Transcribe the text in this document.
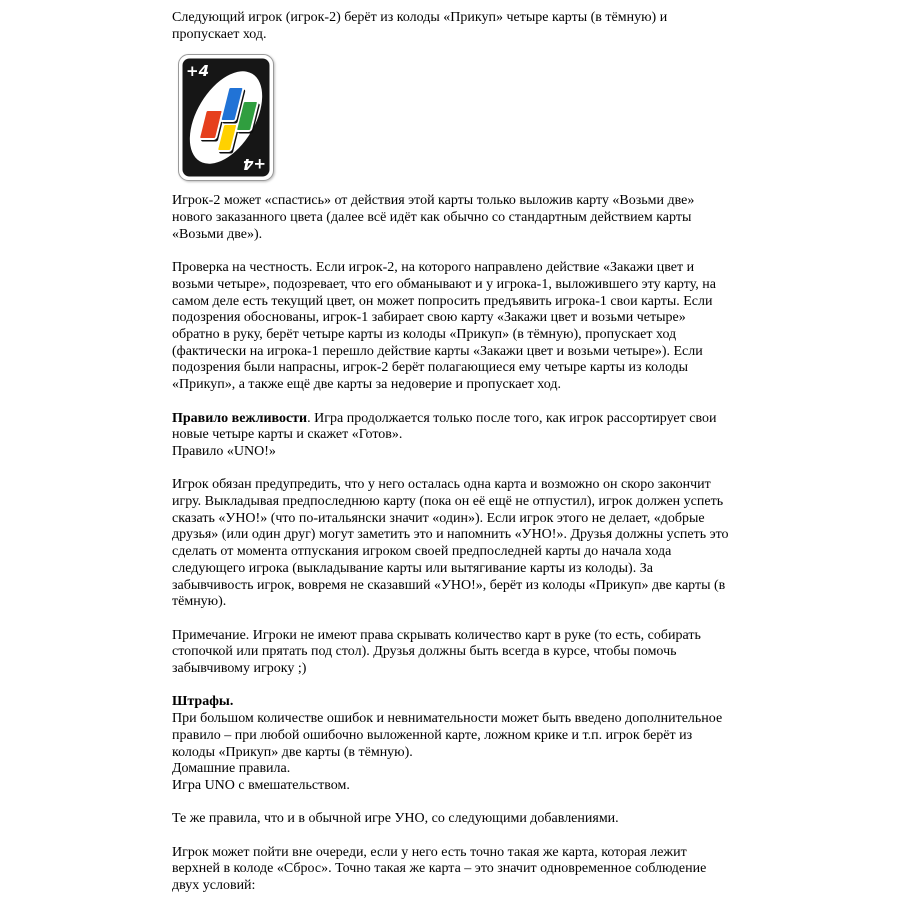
Следующий игрок (игрок-2) берёт из колоды «Прикуп» четыре карты (в тёмную) и пропускает ход.

+4
+4

Игрок-2 может «спастись» от действия этой карты только выложив карту «Возьми две» нового заказанного цвета (далее всё идёт как обычно со стандартным действием карты «Возьми две»).

Проверка на честность. Если игрок-2, на которого направлено действие «Закажи цвет и возьми четыре», подозревает, что его обманывают и у игрока-1, выложившего эту карту, на самом деле есть текущий цвет, он может попросить предъявить игрока-1 свои карты. Если подозрения обоснованы, игрок-1 забирает свою карту «Закажи цвет и возьми четыре» обратно в руку, берёт четыре карты из колоды «Прикуп» (в тёмную), пропускает ход (фактически на игрока-1 перешло действие карты «Закажи цвет и возьми четыре»). Если подозрения были напрасны, игрок-2 берёт полагающиеся ему четыре карты из колоды «Прикуп», а также ещё две карты за недоверие и пропускает ход.

Правило вежливости. Игра продолжается только после того, как игрок рассортирует свои новые четыре карты и скажет «Готов».
Правило «UNO!»

Игрок обязан предупредить, что у него осталась одна карта и возможно он скоро закончит игру. Выкладывая предпоследнюю карту (пока он её ещё не отпустил), игрок должен успеть сказать «УНО!» (что по-итальянски значит «один»). Если игрок этого не делает, «добрые друзья» (или один друг) могут заметить это и напомнить «УНО!». Друзья должны успеть это сделать от момента отпускания игроком своей предпоследней карты до начала хода следующего игрока (выкладывание карты или вытягивание карты из колоды). За забывчивость игрок, вовремя не сказавший «УНО!», берёт из колоды «Прикуп» две карты (в тёмную).

Примечание. Игроки не имеют права скрывать количество карт в руке (то есть, собирать стопочкой или прятать под стол). Друзья должны быть всегда в курсе, чтобы помочь забывчивому игроку ;)

Штрафы.
При большом количестве ошибок и невнимательности может быть введено дополнительное правило – при любой ошибочно выложенной карте, ложном крике и т.п. игрок берёт из колоды «Прикуп» две карты (в тёмную).
Домашние правила.
Игра UNO с вмешательством.

Те же правила, что и в обычной игре УНО, со следующими добавлениями.

Игрок может пойти вне очереди, если у него есть точно такая же карта, которая лежит верхней в колоде «Сброс». Точно такая же карта – это значит одновременное соблюдение двух условий:
